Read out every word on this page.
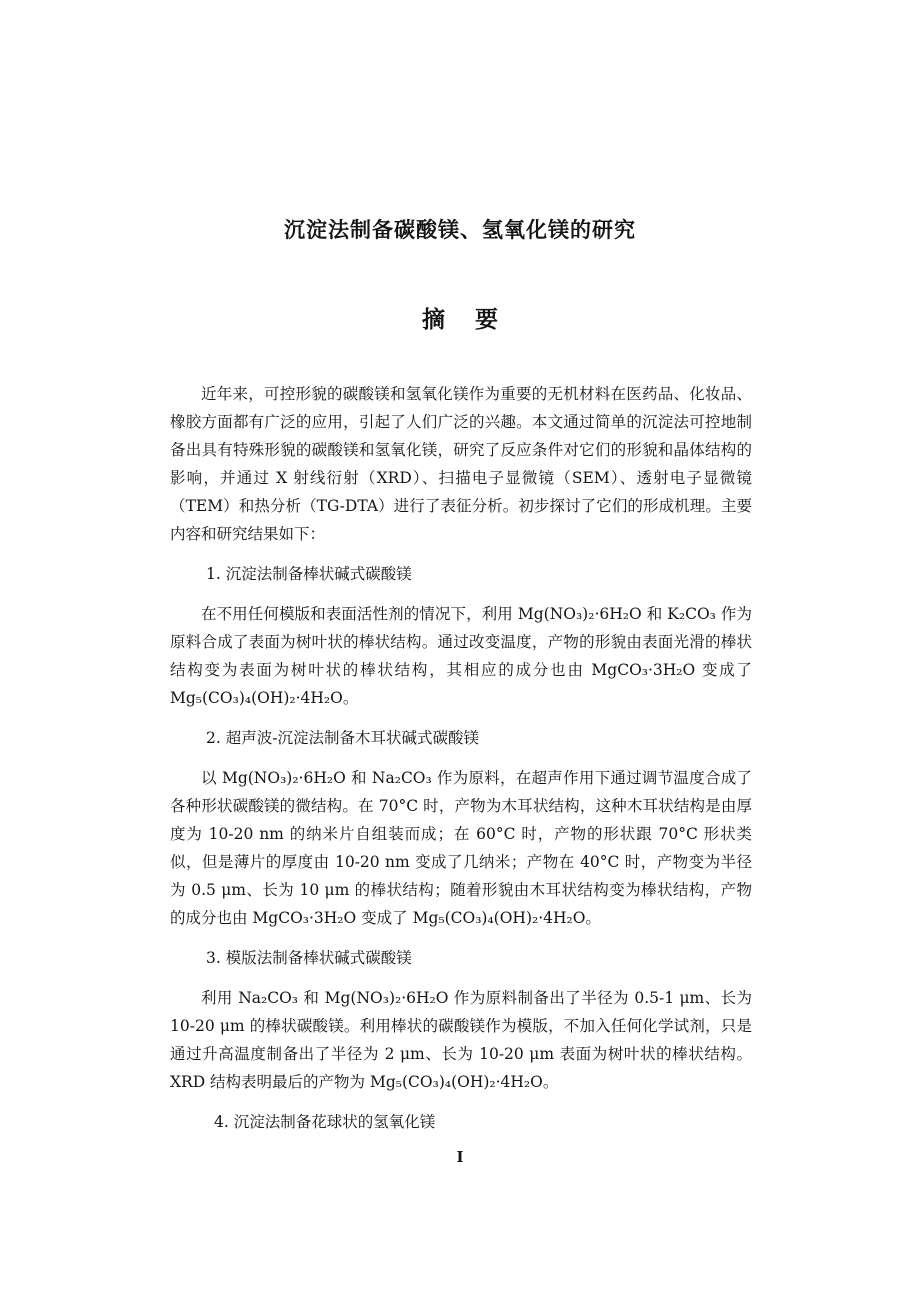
沉淀法制备碳酸镁、氢氧化镁的研究
摘要

近年来，可控形貌的碳酸镁和氢氧化镁作为重要的无机材料在医药品、化妆品、橡胶方面都有广泛的应用，引起了人们广泛的兴趣。本文通过简单的沉淀法可控地制备出具有特殊形貌的碳酸镁和氢氧化镁，研究了反应条件对它们的形貌和晶体结构的影响，并通过 X 射线衍射（XRD）、扫描电子显微镜（SEM）、透射电子显微镜（TEM）和热分析（TG-DTA）进行了表征分析。初步探讨了它们的形成机理。主要内容和研究结果如下：

1. 沉淀法制备棒状碱式碳酸镁

在不用任何模版和表面活性剂的情况下，利用 Mg(NO₃)₂·6H₂O 和 K₂CO₃ 作为原料合成了表面为树叶状的棒状结构。通过改变温度，产物的形貌由表面光滑的棒状结构变为表面为树叶状的棒状结构，其相应的成分也由 MgCO₃·3H₂O 变成了 Mg₅(CO₃)₄(OH)₂·4H₂O。

2. 超声波-沉淀法制备木耳状碱式碳酸镁

以 Mg(NO₃)₂·6H₂O 和 Na₂CO₃ 作为原料，在超声作用下通过调节温度合成了各种形状碳酸镁的微结构。在 70°C 时，产物为木耳状结构，这种木耳状结构是由厚度为 10-20 nm 的纳米片自组装而成；在 60°C 时，产物的形状跟 70°C 形状类似，但是薄片的厚度由 10-20 nm 变成了几纳米；产物在 40°C 时，产物变为半径为 0.5 μm、长为 10 μm 的棒状结构；随着形貌由木耳状结构变为棒状结构，产物的成分也由 MgCO₃·3H₂O 变成了 Mg₅(CO₃)₄(OH)₂·4H₂O。

3. 模版法制备棒状碱式碳酸镁

利用 Na₂CO₃ 和 Mg(NO₃)₂·6H₂O 作为原料制备出了半径为 0.5-1 μm、长为 10-20 μm 的棒状碳酸镁。利用棒状的碳酸镁作为模版，不加入任何化学试剂，只是通过升高温度制备出了半径为 2 μm、长为 10-20 μm 表面为树叶状的棒状结构。XRD 结构表明最后的产物为 Mg₅(CO₃)₄(OH)₂·4H₂O。

4. 沉淀法制备花球状的氢氧化镁
I
